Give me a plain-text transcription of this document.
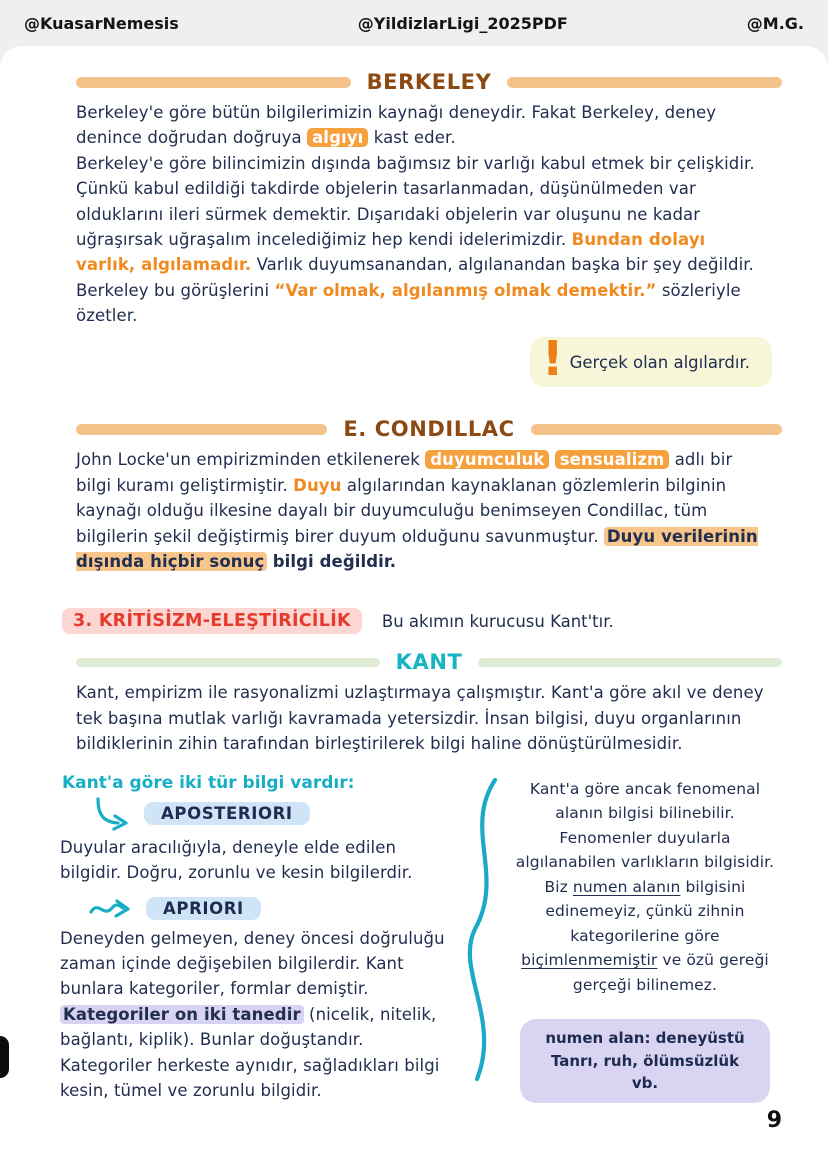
@KuasarNemesis	@YildizlarLigi_2025PDF	@M.G.
BERKELEY

Berkeley'e göre bütün bilgilerimizin kaynağı deneydir. Fakat Berkeley, deney denince doğrudan doğruya algıyı kast eder.

Berkeley'e göre bilincimizin dışında bağımsız bir varlığı kabul etmek bir çelişkidir. Çünkü kabul edildiği takdirde objelerin tasarlanmadan, düşünülmeden var olduklarını ileri sürmek demektir. Dışarıdaki objelerin var oluşunu ne kadar uğraşırsak uğraşalım incelediğimiz hep kendi idelerimizdir. Bundan dolayı varlık, algılamadır. Varlık duyumsanandan, algılanandan başka bir şey değildir.

Berkeley bu görüşlerini “Var olmak, algılanmış olmak demektir.” sözleriyle özetler.

! Gerçek olan algılardır.
E. CONDILLAC

John Locke'un empirizminden etkilenerek duyumculuk sensualizm adlı bir bilgi kuramı geliştirmiştir. Duyu algılarından kaynaklanan gözlemlerin bilginin kaynağı olduğu ilkesine dayalı bir duyumculuğu benimseyen Condillac, tüm bilgilerin şekil değiştirmiş birer duyum olduğunu savunmuştur. Duyu verilerinin dışında hiçbir sonuç bilgi değildir.

3. KRİTİSİZM-ELEŞTİRİCİLİK	Bu akımın kurucusu Kant'tır.
KANT

Kant, empirizm ile rasyonalizmi uzlaştırmaya çalışmıştır. Kant'a göre akıl ve deney tek başına mutlak varlığı kavramada yetersizdir. İnsan bilgisi, duyu organlarının bildiklerinin zihin tarafından birleştirilerek bilgi haline dönüştürülmesidir.

Kant'a göre iki tür bilgi vardır:

APOSTERIORI

Duyular aracılığıyla, deneyle elde edilen bilgidir. Doğru, zorunlu ve kesin bilgilerdir.

APRIORI

Deneyden gelmeyen, deney öncesi doğruluğu zaman içinde değişebilen bilgilerdir. Kant bunlara kategoriler, formlar demiştir. Kategoriler on iki tanedir (nicelik, nitelik, bağlantı, kiplik). Bunlar doğuştandır. Kategoriler herkeste aynıdır, sağladıkları bilgi kesin, tümel ve zorunlu bilgidir.

Kant'a göre ancak fenomenal alanın bilgisi bilinebilir. Fenomenler duyularla algılanabilen varlıkların bilgisidir. Biz numen alanın bilgisini edinemeyiz, çünkü zihnin kategorilerine göre biçimlenmemiştir ve özü gereği gerçeği bilinemez.

numen alan: deneyüstü Tanrı, ruh, ölümsüzlük vb.
9
